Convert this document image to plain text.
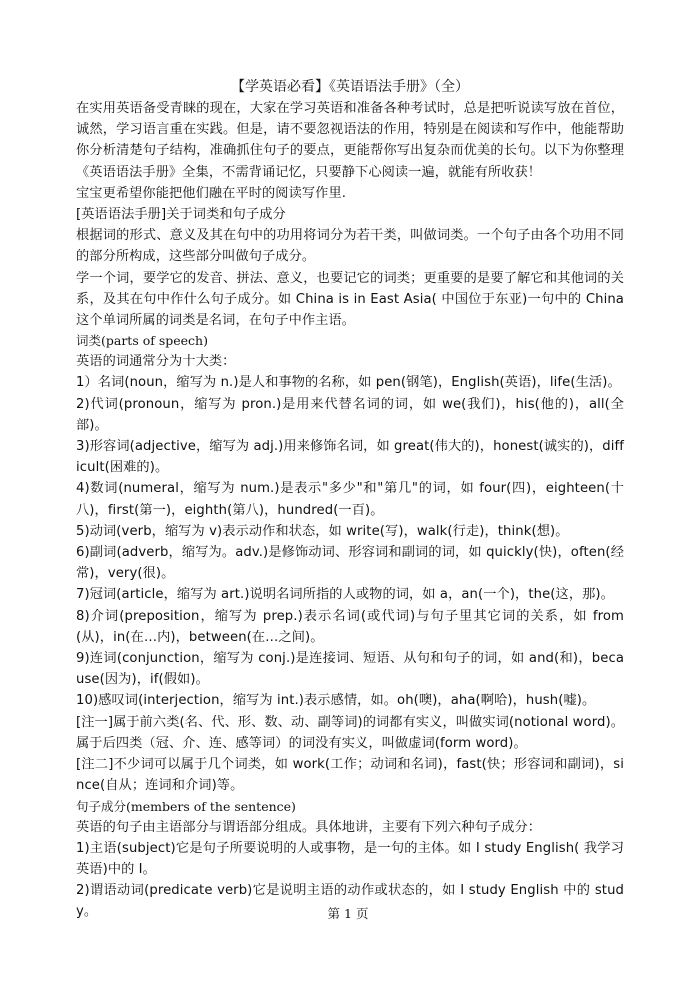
【学英语必看】《英语语法手册》（全）

在实用英语备受青睐的现在，大家在学习英语和准备各种考试时，总是把听说读写放在首位，诚然，学习语言重在实践。但是，请不要忽视语法的作用，特别是在阅读和写作中，他能帮助你分析清楚句子结构，准确抓住句子的要点，更能帮你写出复杂而优美的长句。以下为你整理《英语语法手册》全集，不需背诵记忆，只要静下心阅读一遍，就能有所收获！

宝宝更希望你能把他们融在平时的阅读写作里.

[英语语法手册]关于词类和句子成分

根据词的形式、意义及其在句中的功用将词分为若干类，叫做词类。一个句子由各个功用不同的部分所构成，这些部分叫做句子成分。

学一个词，要学它的发音、拼法、意义，也要记它的词类；更重要的是要了解它和其他词的关系，及其在句中作什么句子成分。如 China is in East Asia( 中国位于东亚)一句中的 China 这个单词所属的词类是名词，在句子中作主语。

词类(parts of speech)

英语的词通常分为十大类：

1）名词(noun，缩写为 n.)是人和事物的名称，如 pen(钢笔)，English(英语)，life(生活)。

2)代词(pronoun，缩写为 pron.)是用来代替名词的词，如 we(我们)，his(他的)，all(全部)。

3)形容词(adjective，缩写为 adj.)用来修饰名词，如 great(伟大的)，honest(诚实的)，difficult(困难的)。

4)数词(numeral，缩写为 num.)是表示"多少"和"第几"的词，如 four(四)，eighteen(十八)，first(第一)，eighth(第八)，hundred(一百)。

5)动词(verb，缩写为 v)表示动作和状态，如 write(写)，walk(行走)，think(想)。

6)副词(adverb，缩写为。adv.)是修饰动词、形容词和副词的词，如 quickly(快)，often(经常)，very(很)。

7)冠词(article，缩写为 art.)说明名词所指的人或物的词，如 a，an(一个)，the(这，那)。

8)介词(preposition，缩写为 prep.)表示名词(或代词)与句子里其它词的关系，如 from(从)，in(在…内)，between(在…之间)。

9)连词(conjunction，缩写为 conj.)是连接词、短语、从句和句子的词，如 and(和)，because(因为)，if(假如)。

10)感叹词(interjection，缩写为 int.)表示感情，如。oh(噢)，aha(啊哈)，hush(嘘)。

[注一]属于前六类(名、代、形、数、动、副等词)的词都有实义，叫做实词(notional word)。属于后四类（冠、介、连、感等词）的词没有实义，叫做虚词(form word)。

[注二]不少词可以属于几个词类，如 work(工作；动词和名词)，fast(快；形容词和副词)，since(自从；连词和介词)等。

句子成分(members of the sentence)

英语的句子由主语部分与谓语部分组成。具体地讲，主要有下列六种句子成分：

1)主语(subject)它是句子所要说明的人或事物，是一句的主体。如 I study English( 我学习英语)中的 I。

2)谓语动词(predicate verb)它是说明主语的动作或状态的，如 I study English 中的 study。	第 1 页
